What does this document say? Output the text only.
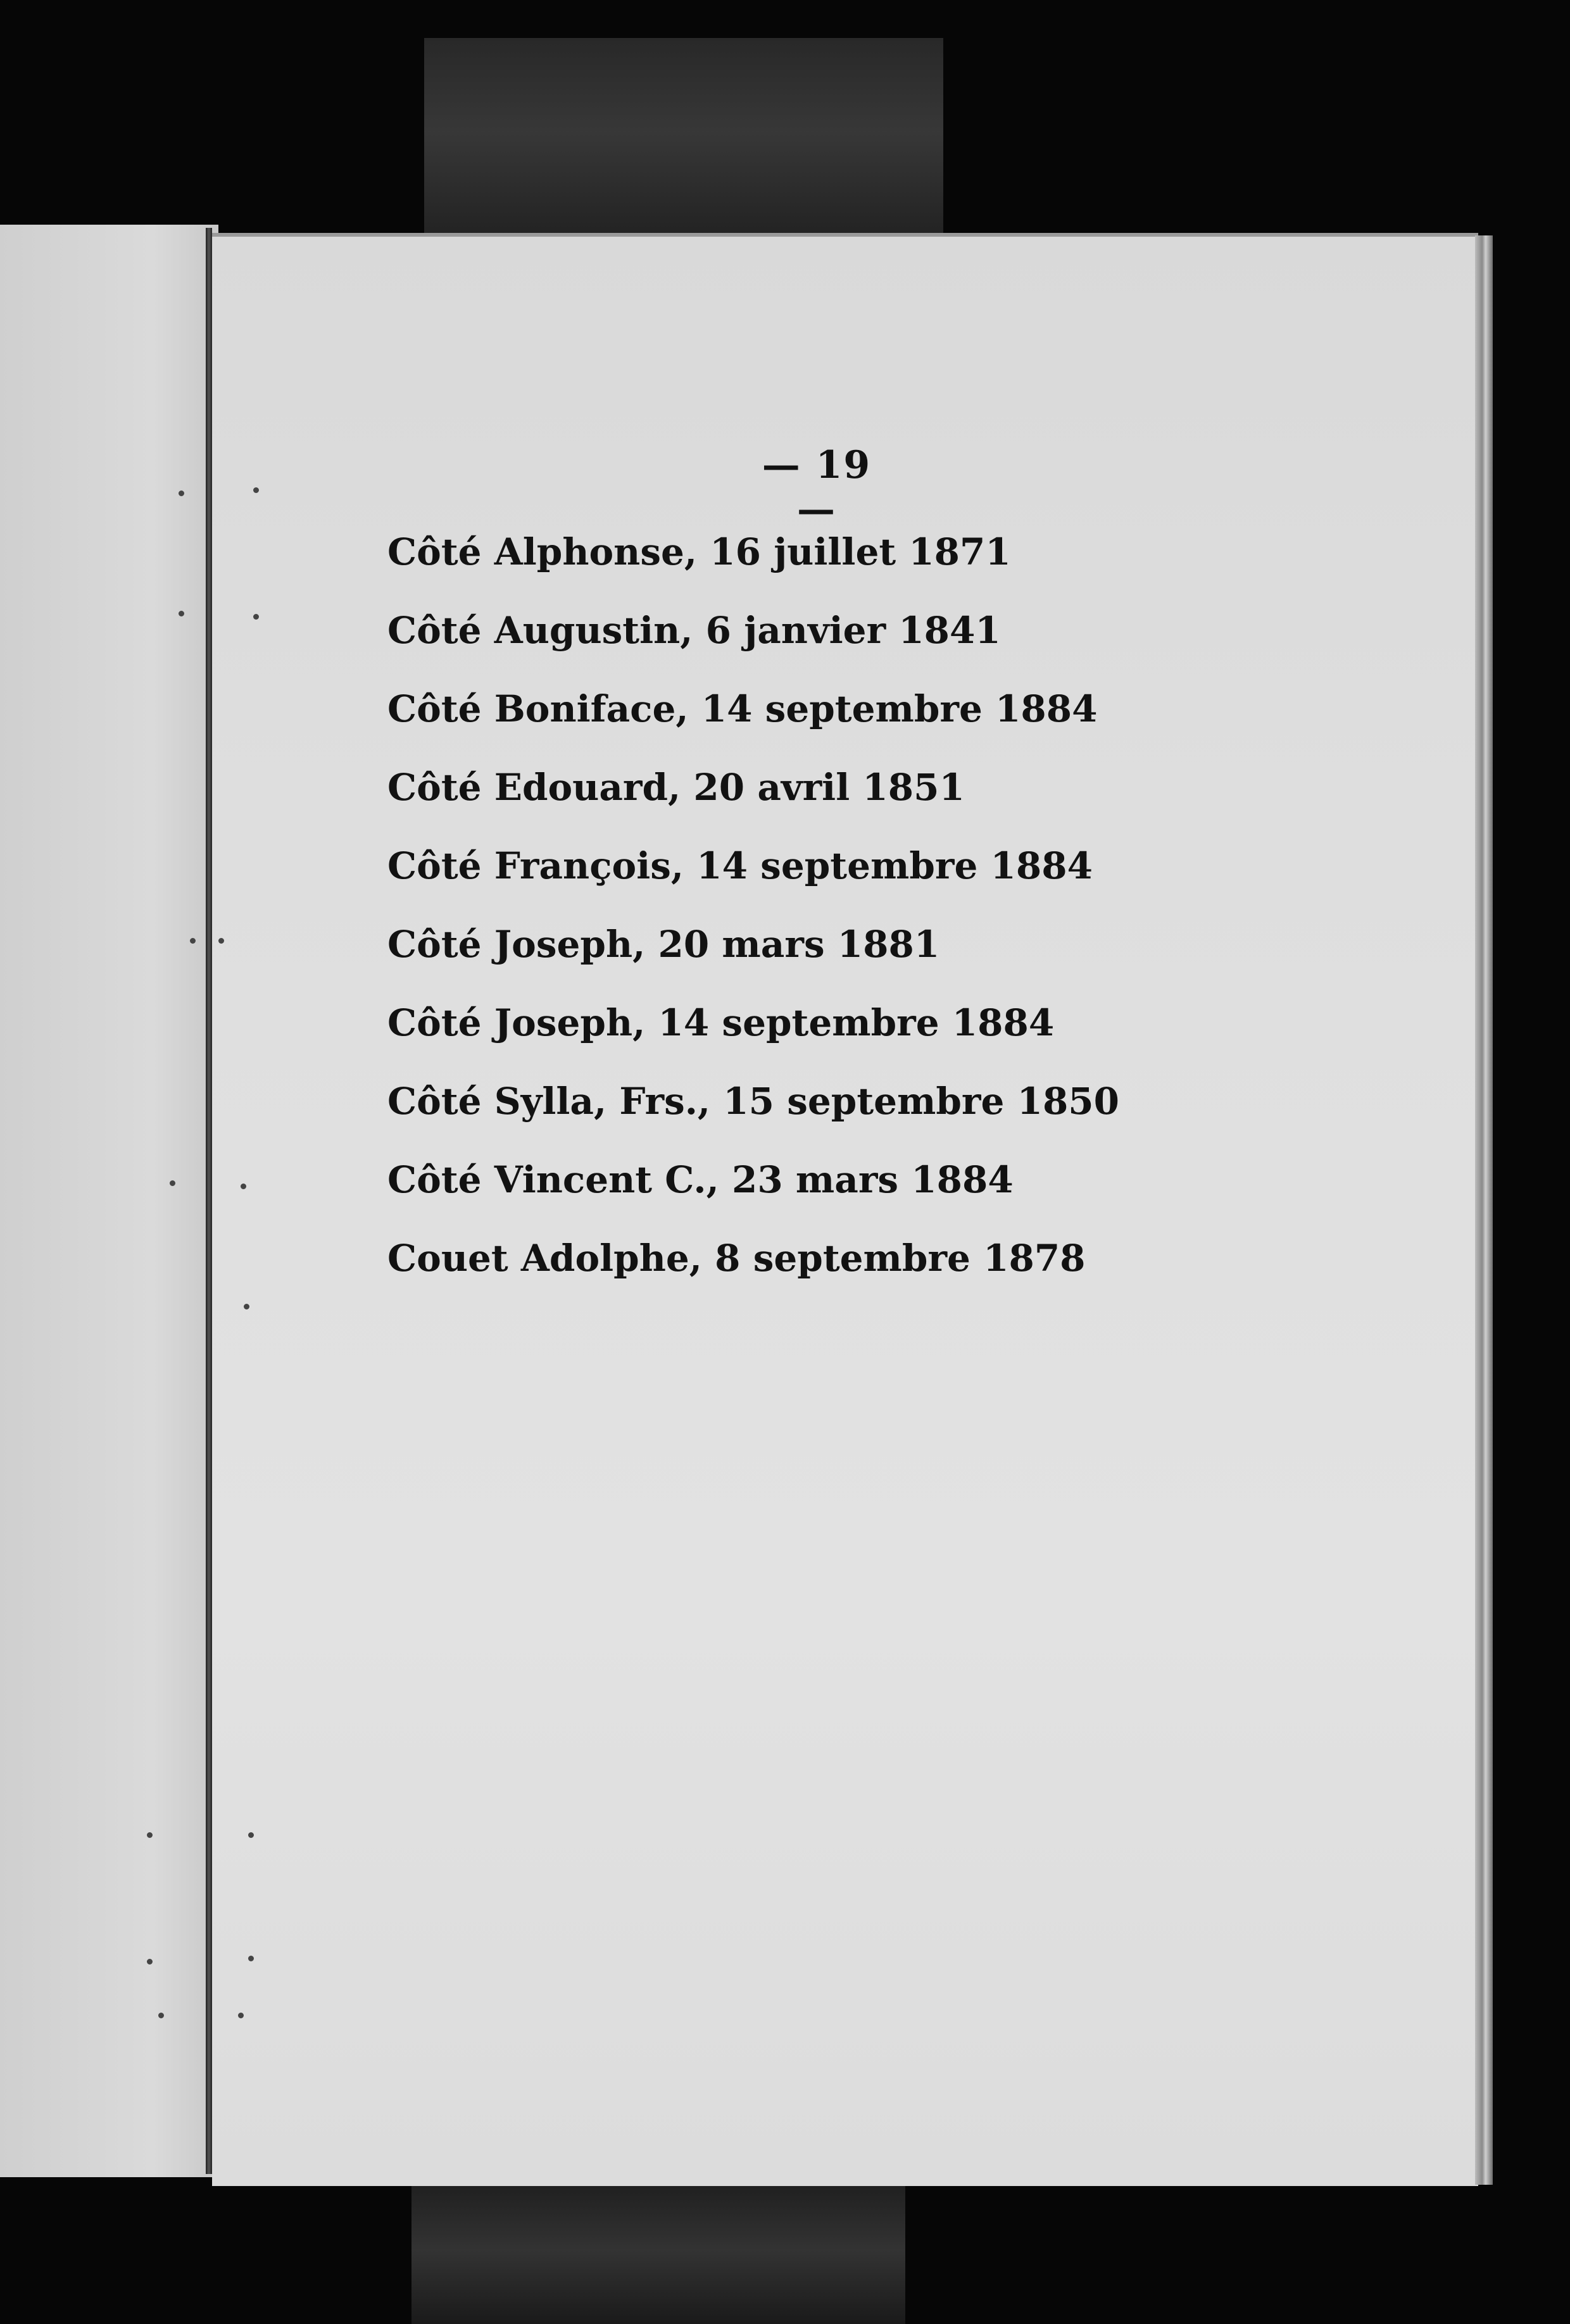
— 19 —
Côté Alphonse, 16 juillet 1871
Côté Augustin, 6 janvier 1841
Côté Boniface, 14 septembre 1884
Côté Edouard, 20 avril 1851
Côté François, 14 septembre 1884
Côté Joseph, 20 mars 1881
Côté Joseph, 14 septembre 1884
Côté Sylla, Frs., 15 septembre 1850
Côté Vincent C., 23 mars 1884
Couet Adolphe, 8 septembre 1878
